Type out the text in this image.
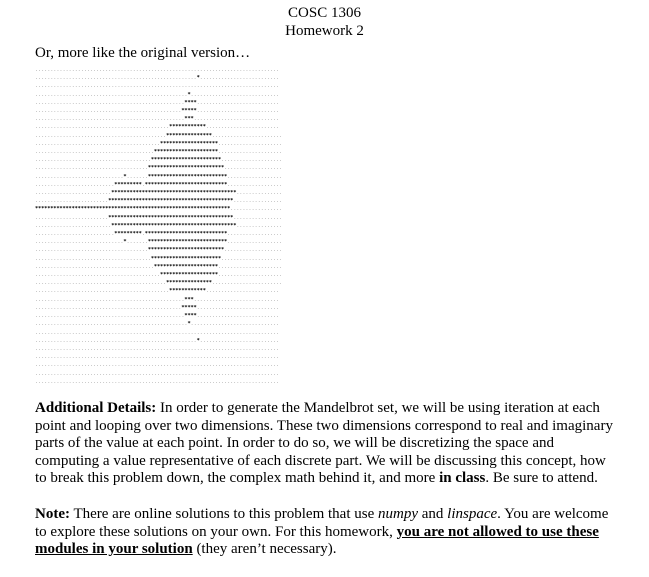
COSC 1306
Homework 2
Or, more like the original version…
................................................................................
.....................................................*..........................
................................................................................
..................................................*.............................
.................................................****...........................
................................................*****...........................
.................................................***............................
............................................************........................
...........................................***************.......................
.........................................*******************.....................
.......................................*********************.....................
......................................***********************....................
.....................................*************************...................
.............................*.......**************************..................
..........................*********.***************************..................
.........................*****************************************...............
........................*****************************************................
****************************************************************.................
........................*****************************************................
.........................*****************************************...............
..........................*********.***************************..................
.............................*.......**************************..................
.....................................*************************...................
......................................***********************....................
.......................................*********************.....................
.........................................*******************.....................
...........................................***************.......................
............................................************........................
.................................................***............................
................................................*****...........................
.................................................****...........................
..................................................*.............................
................................................................................
.....................................................*..........................
................................................................................
................................................................................
................................................................................
................................................................................
................................................................................
................................................................................

Additional Details: In order to generate the Mandelbrot set, we will be using iteration at each point and looping over two dimensions. These two dimensions correspond to real and imaginary parts of the value at each point. In order to do so, we will be discretizing the space and computing a value representative of each discrete part. We will be discussing this concept, how to break this problem down, the complex math behind it, and more in class. Be sure to attend.

Note: There are online solutions to this problem that use numpy and linspace. You are welcome to explore these solutions on your own. For this homework, you are not allowed to use these modules in your solution (they aren’t necessary).
